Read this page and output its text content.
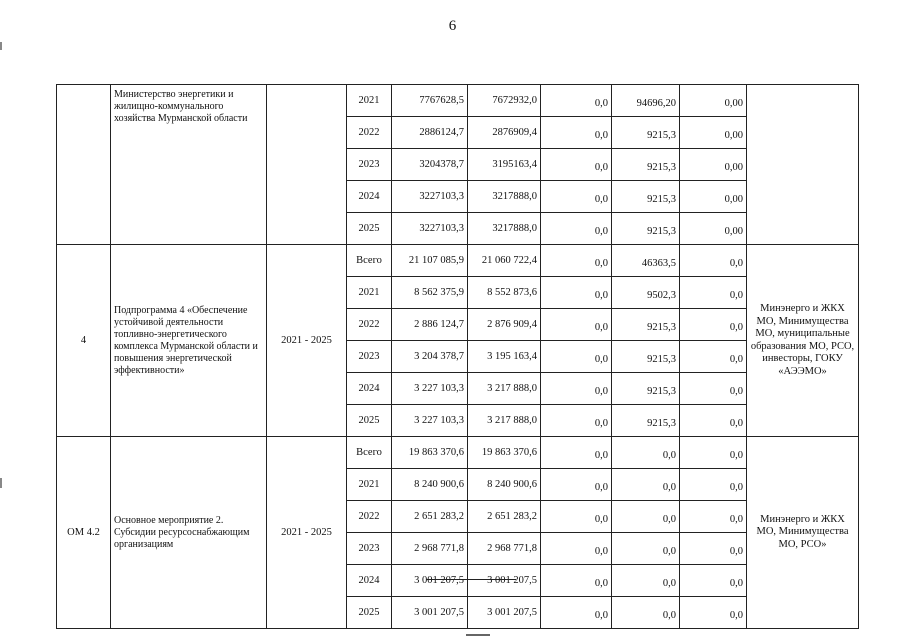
6
	Министерство энергетики и жилищно-коммунального хозяйства Мурманской области		2021	7767628,5	7672932,0	0,0	94696,20	0,00	
			2022	2886124,7	2876909,4	0,0	9215,3	0,00	
			2023	3204378,7	3195163,4	0,0	9215,3	0,00	
			2024	3227103,3	3217888,0	0,0	9215,3	0,00	
			2025	3227103,3	3217888,0	0,0	9215,3	0,00	
4	Подпрограмма 4 «Обеспечение устойчивой деятельности топливно-энергетического комплекса Мурманской области и повышения энергетической эффективности»	2021 - 2025	Всего	21 107 085,9	21 060 722,4	0,0	46363,5	0,0	Минэнерго и ЖКХ МО, Минимущества МО, муниципальные образования МО, РСО, инвесторы, ГОКУ «АЭЭМО»
			2021	8 562 375,9	8 552 873,6	0,0	9502,3	0,0	
			2022	2 886 124,7	2 876 909,4	0,0	9215,3	0,0	
			2023	3 204 378,7	3 195 163,4	0,0	9215,3	0,0	
			2024	3 227 103,3	3 217 888,0	0,0	9215,3	0,0	
			2025	3 227 103,3	3 217 888,0	0,0	9215,3	0,0	
ОМ 4.2	Основное мероприятие 2. Субсидии ресурсоснабжающим организациям	2021 - 2025	Всего	19 863 370,6	19 863 370,6	0,0	0,0	0,0	Минэнерго и ЖКХ МО, Минимущества МО, РСО»
			2021	8 240 900,6	8 240 900,6	0,0	0,0	0,0	
			2022	2 651 283,2	2 651 283,2	0,0	0,0	0,0	
			2023	2 968 771,8	2 968 771,8	0,0	0,0	0,0	
			2024	3 001 207,5	3 001 207,5	0,0	0,0	0,0	
			2025	3 001 207,5	3 001 207,5	0,0	0,0	0,0	
